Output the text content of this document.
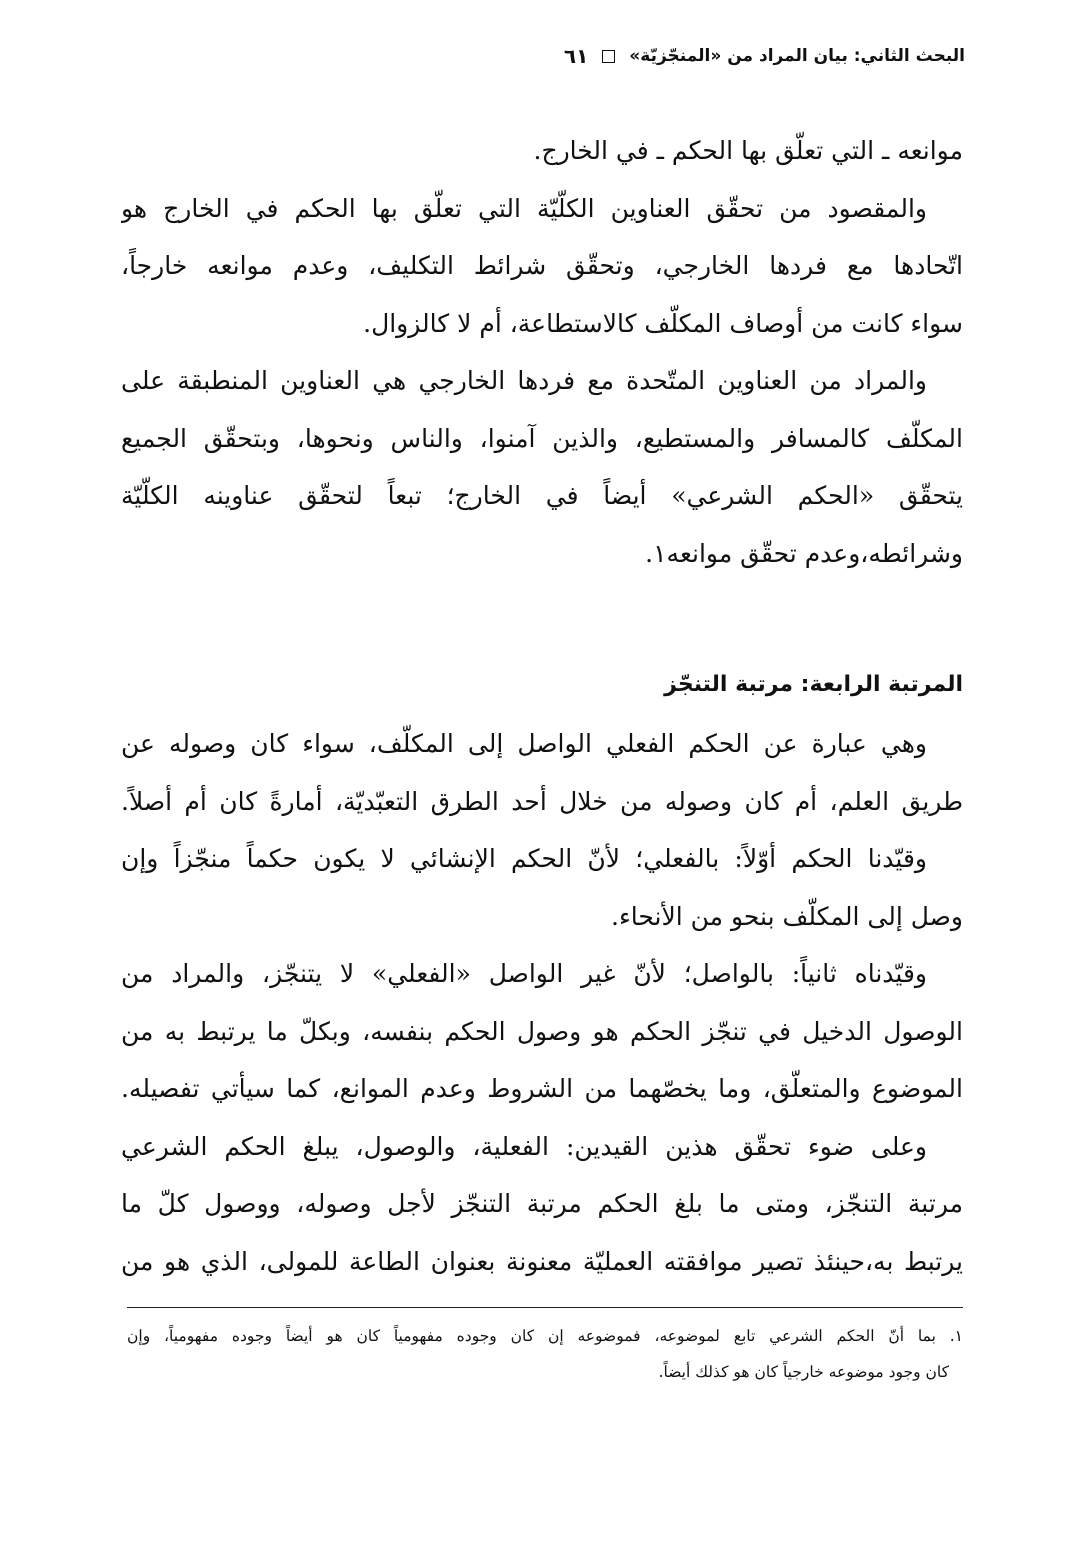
البحث الثاني: بيان المراد من «المنجّزيّة»
٦١
موانعه ـ التي تعلّق بها الحكم ـ في الخارج.
والمقصود من تحقّق العناوين الكلّيّة التي تعلّق بها الحكم في الخارج هو
اتّحادها مع فردها الخارجي، وتحقّق شرائط التكليف، وعدم موانعه خارجاً،
سواء كانت من أوصاف المكلّف كالاستطاعة، أم لا كالزوال.
والمراد من العناوين المتّحدة مع فردها الخارجي هي العناوين المنطبقة على
المكلّف كالمسافر والمستطيع، والذين آمنوا، والناس ونحوها، وبتحقّق الجميع
يتحقّق «الحكم الشرعي» أيضاً في الخارج؛ تبعاً لتحقّق عناوينه الكلّيّة
وشرائطه،وعدم تحقّق موانعه١.
المرتبة الرابعة: مرتبة التنجّز
وهي عبارة عن الحكم الفعلي الواصل إلى المكلّف، سواء كان وصوله عن
طريق العلم، أم كان وصوله من خلال أحد الطرق التعبّديّة، أمارةً كان أم أصلاً.
وقيّدنا الحكم أوّلاً: بالفعلي؛ لأنّ الحكم الإنشائي لا يكون حكماً منجّزاً وإن
وصل إلى المكلّف بنحو من الأنحاء.
وقيّدناه ثانياً: بالواصل؛ لأنّ غير الواصل «الفعلي» لا يتنجّز، والمراد من
الوصول الدخيل في تنجّز الحكم هو وصول الحكم بنفسه، وبكلّ ما يرتبط به من
الموضوع والمتعلّق، وما يخصّهما من الشروط وعدم الموانع، كما سيأتي تفصيله.
وعلى ضوء تحقّق هذين القيدين: الفعلية، والوصول، يبلغ الحكم الشرعي
مرتبة التنجّز، ومتى ما بلغ الحكم مرتبة التنجّز لأجل وصوله، ووصول كلّ ما
يرتبط به،حينئذ تصير موافقته العمليّة معنونة بعنوان الطاعة للمولى، الذي هو من
١. بما أنّ الحكم الشرعي تابع لموضوعه، فموضوعه إن كان وجوده مفهومياً كان هو أيضاً وجوده مفهومياً، وإن
كان وجود موضوعه خارجياً كان هو كذلك أيضاً.
